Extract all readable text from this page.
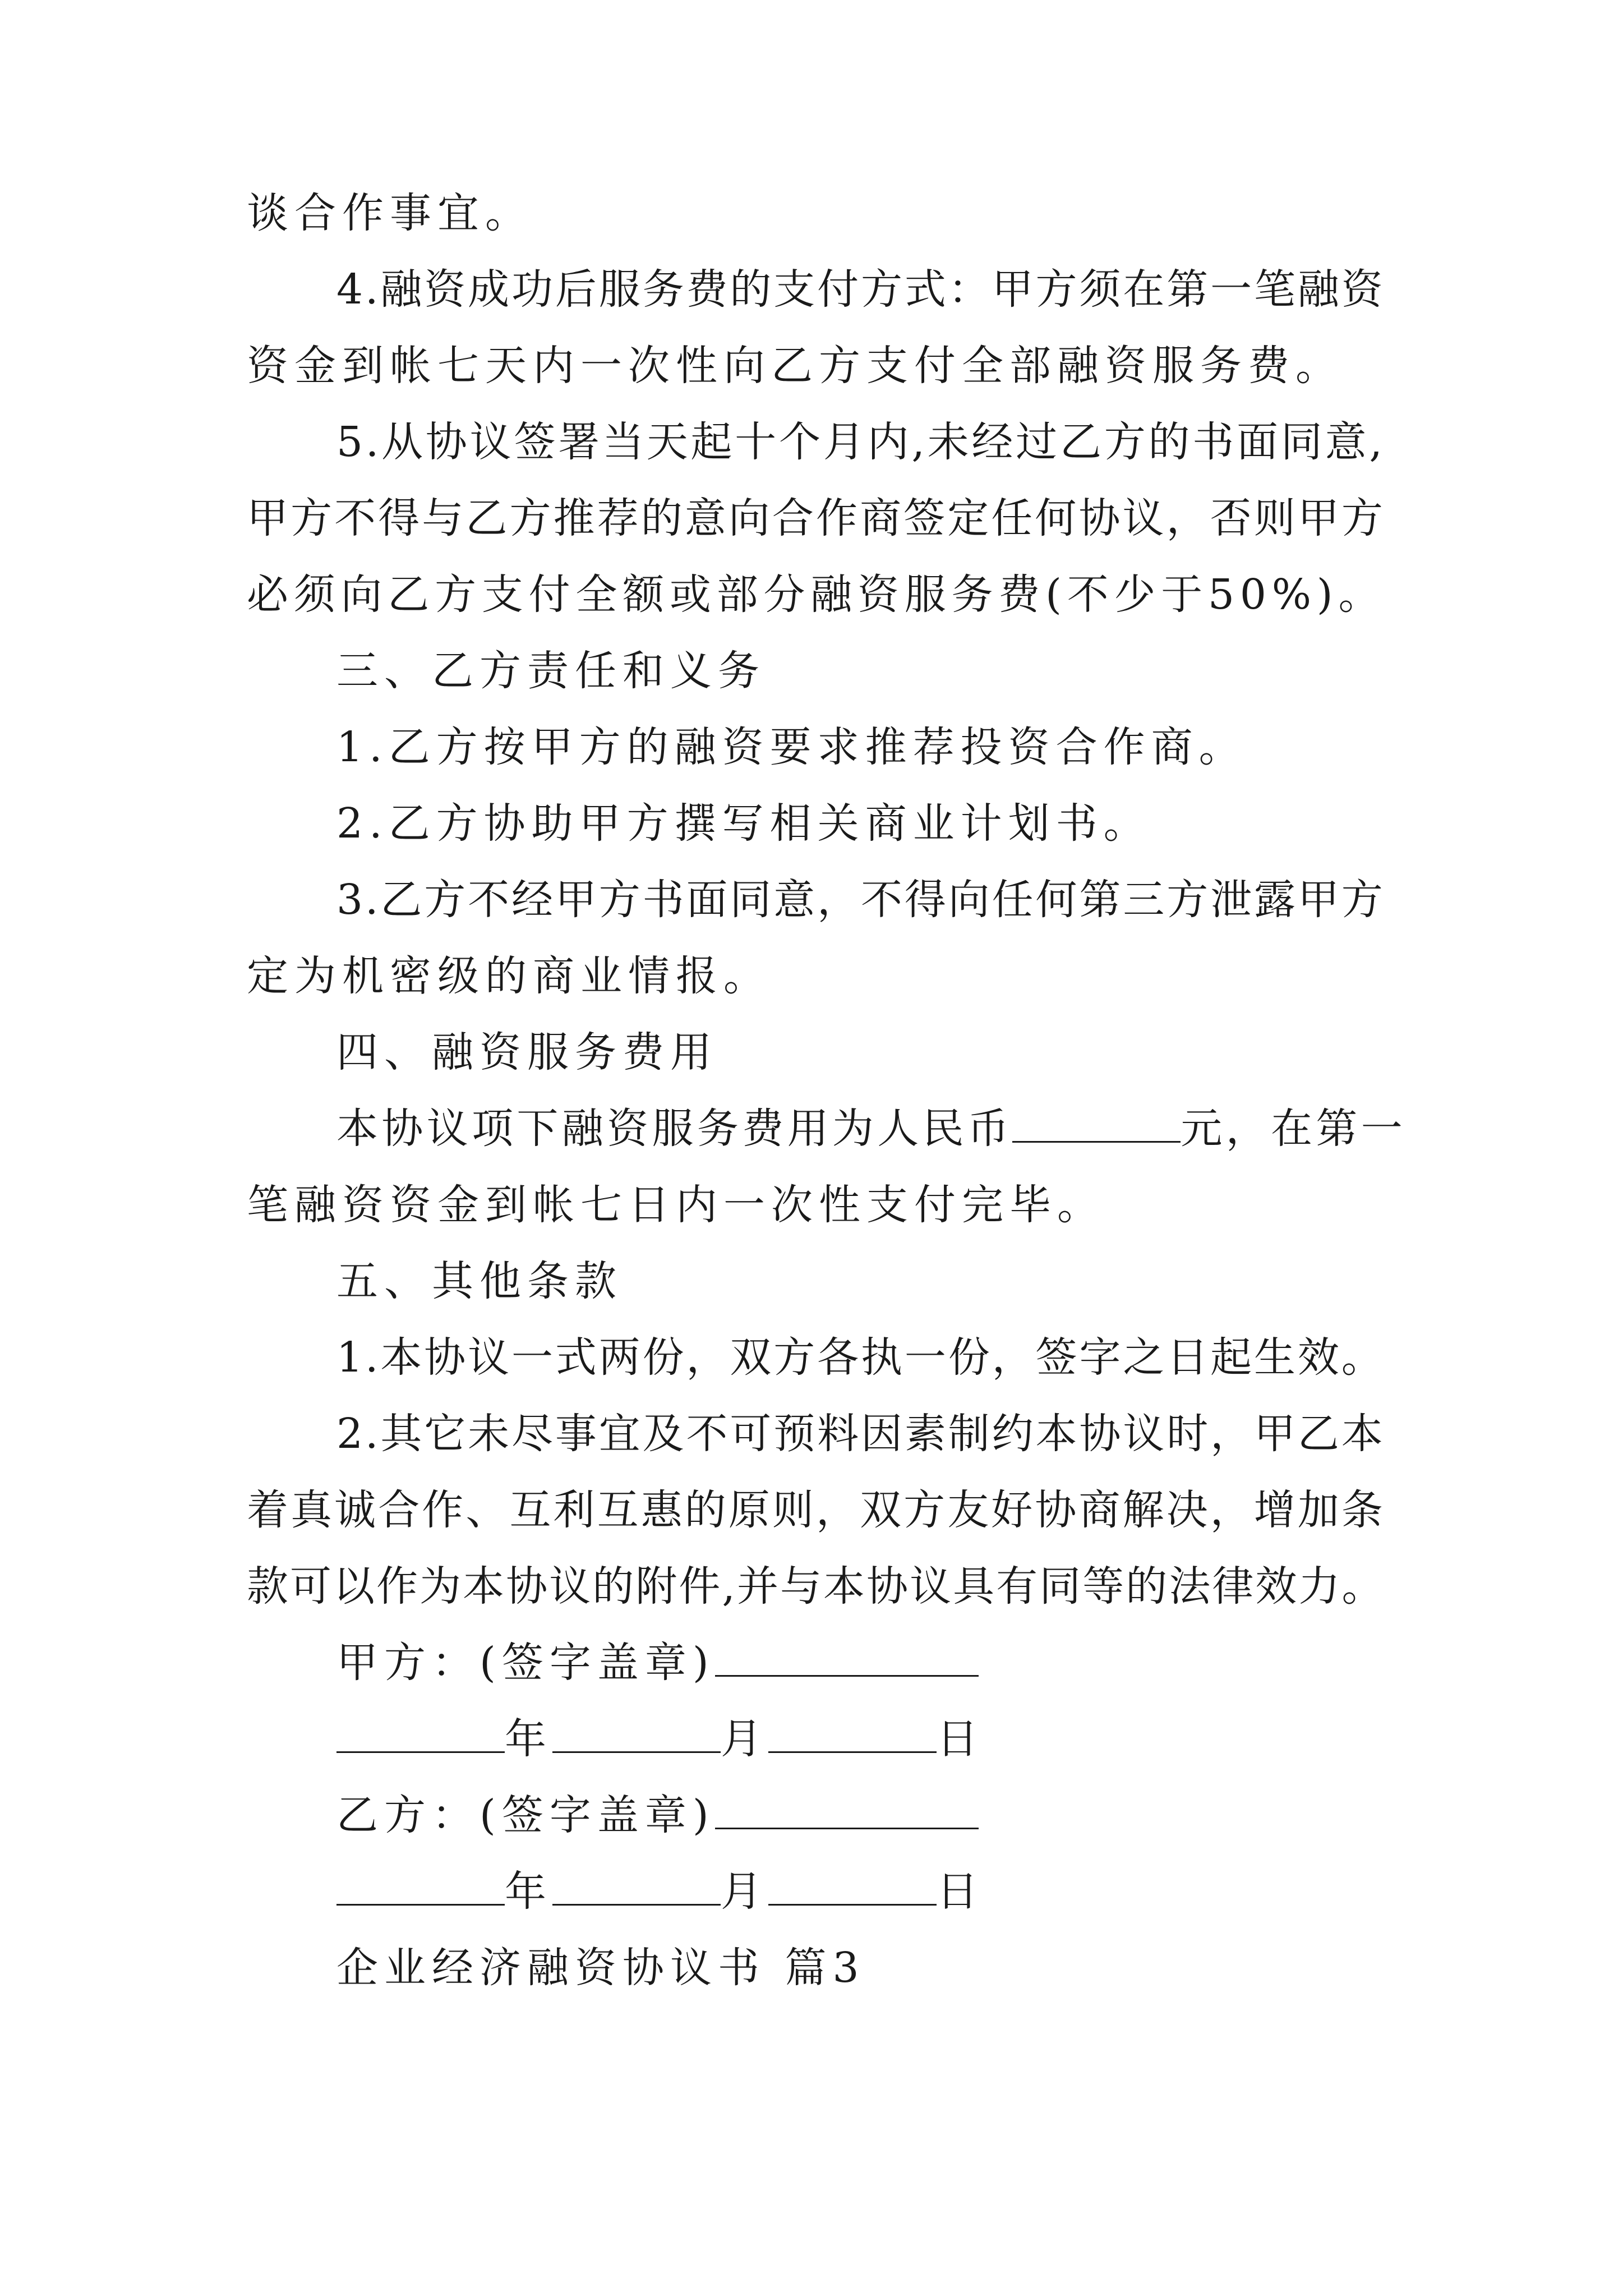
谈合作事宜。
4.融资成功后服务费的支付方式：甲方须在第一笔融资
资金到帐七天内一次性向乙方支付全部融资服务费。
5.从协议签署当天起十个月内,未经过乙方的书面同意,
甲方不得与乙方推荐的意向合作商签定任何协议，否则甲方
必须向乙方支付全额或部分融资服务费(不少于50%)。
三、乙方责任和义务
1.乙方按甲方的融资要求推荐投资合作商。
2.乙方协助甲方撰写相关商业计划书。
3.乙方不经甲方书面同意，不得向任何第三方泄露甲方
定为机密级的商业情报。
四、融资服务费用
本协议项下融资服务费用为人民币	元，在第一
笔融资资金到帐七日内一次性支付完毕。
五、其他条款
1.本协议一式两份，双方各执一份，签字之日起生效。
2.其它未尽事宜及不可预料因素制约本协议时，甲乙本
着真诚合作、互利互惠的原则，双方友好协商解决，增加条
款可以作为本协议的附件,并与本协议具有同等的法律效力。
甲方：(签字盖章)
年	月	日
乙方：(签字盖章)
年	月	日
企业经济融资协议书 篇3
